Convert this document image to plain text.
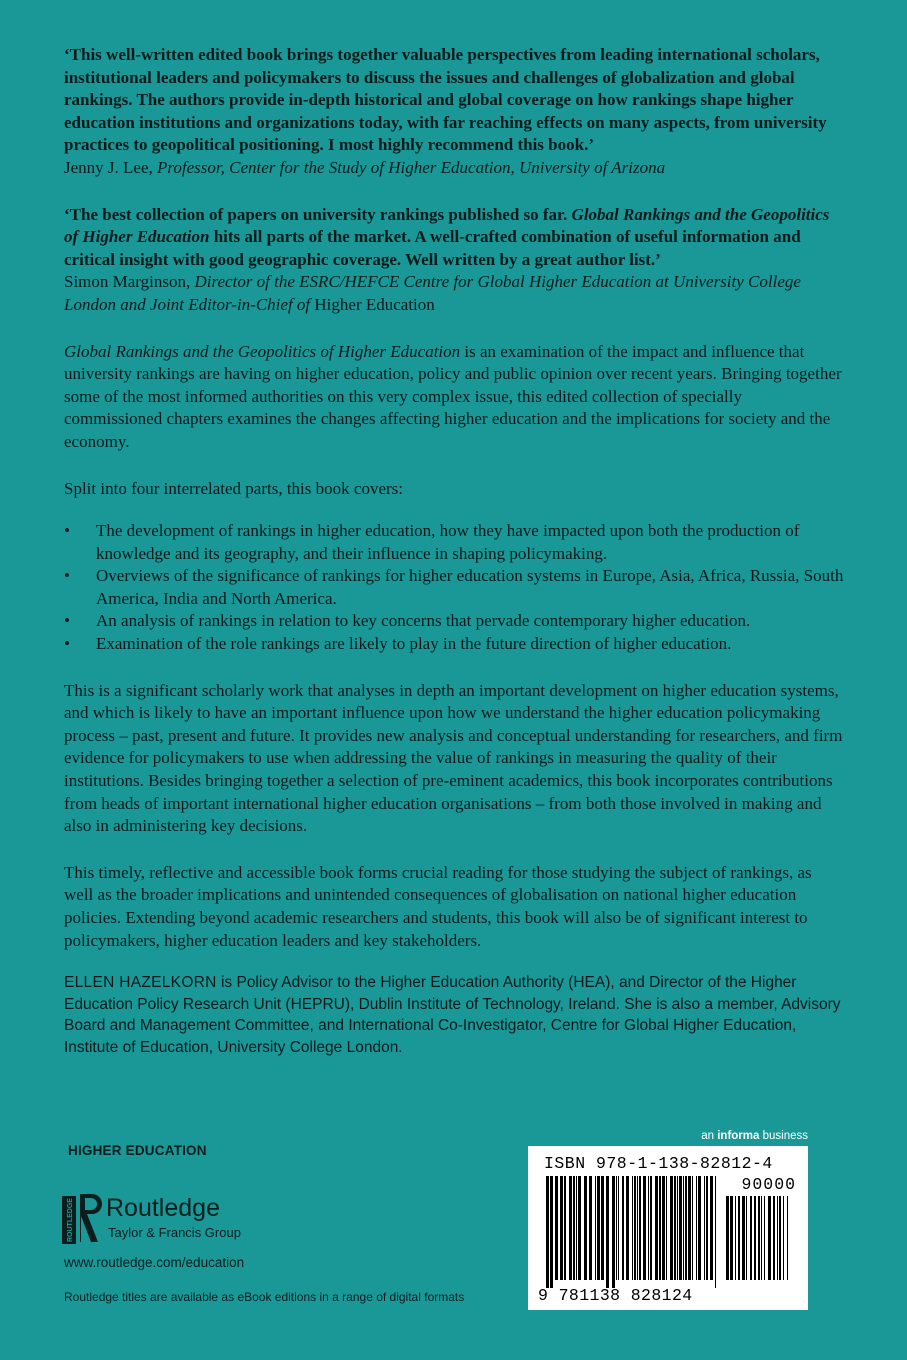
‘This well-written edited book brings together valuable perspectives from leading international scholars, institutional leaders and policymakers to discuss the issues and challenges of globalization and global rankings. The authors provide in-depth historical and global coverage on how rankings shape higher education institutions and organizations today, with far reaching effects on many aspects, from university practices to geopolitical positioning. I most highly recommend this book.’
Jenny J. Lee, Professor, Center for the Study of Higher Education, University of Arizona
‘The best collection of papers on university rankings published so far. Global Rankings and the Geopolitics of Higher Education hits all parts of the market. A well-crafted combination of useful information and critical insight with good geographic coverage. Well written by a great author list.’
Simon Marginson, Director of the ESRC/HEFCE Centre for Global Higher Education at University College London and Joint Editor-in-Chief of Higher Education

Global Rankings and the Geopolitics of Higher Education is an examination of the impact and influence that university rankings are having on higher education, policy and public opinion over recent years. Bringing together some of the most informed authorities on this very complex issue, this edited collection of specially commissioned chapters examines the changes affecting higher education and the implications for society and the economy.

Split into four interrelated parts, this book covers:

• The development of rankings in higher education, how they have impacted upon both the production of knowledge and its geography, and their influence in shaping policymaking.
• Overviews of the significance of rankings for higher education systems in Europe, Asia, Africa, Russia, South America, India and North America.
• An analysis of rankings in relation to key concerns that pervade contemporary higher education.
• Examination of the role rankings are likely to play in the future direction of higher education.

This is a significant scholarly work that analyses in depth an important development on higher education systems, and which is likely to have an important influence upon how we understand the higher education policymaking process – past, present and future. It provides new analysis and conceptual understanding for researchers, and firm evidence for policymakers to use when addressing the value of rankings in measuring the quality of their institutions. Besides bringing together a selection of pre-eminent academics, this book incorporates contributions from heads of important international higher education organisations – from both those involved in making and also in administering key decisions.

This timely, reflective and accessible book forms crucial reading for those studying the subject of rankings, as well as the broader implications and unintended consequences of globalisation on national higher education policies. Extending beyond academic researchers and students, this book will also be of significant interest to policymakers, higher education leaders and key stakeholders.

ELLEN HAZELKORN is Policy Advisor to the Higher Education Authority (HEA), and Director of the Higher Education Policy Research Unit (HEPRU), Dublin Institute of Technology, Ireland. She is also a member, Advisory Board and Management Committee, and International Co-Investigator, Centre for Global Higher Education, Institute of Education, University College London.

HIGHER EDUCATION
ROUTLEDGE Routledge
Taylor & Francis Group
www.routledge.com/education
Routledge titles are available as eBook editions in a range of digital formats
an informa business
ISBN 978-1-138-82812-4
90000
9 781138 828124
